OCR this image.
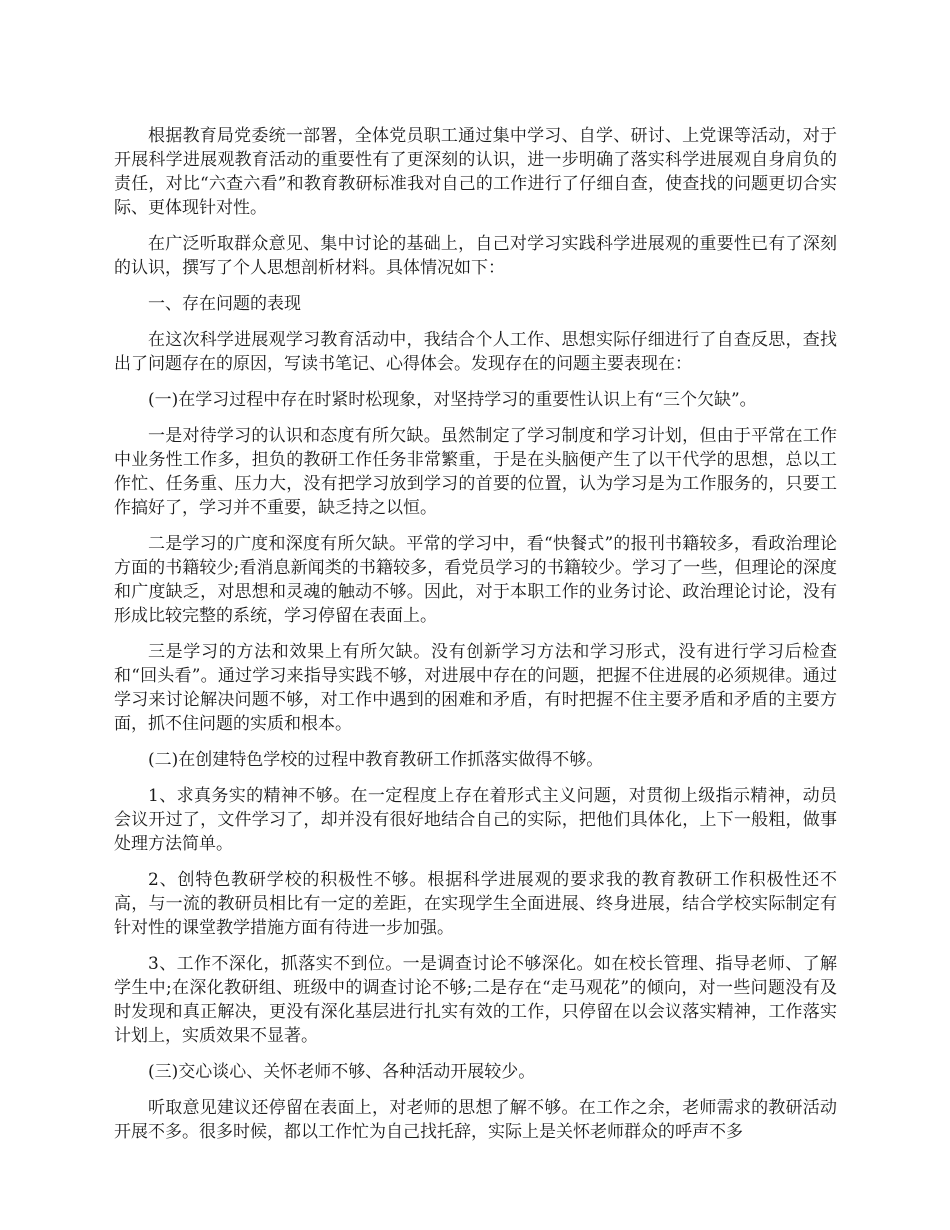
根据教育局党委统一部署，全体党员职工通过集中学习、自学、研讨、上党课等活动，对于开展科学进展观教育活动的重要性有了更深刻的认识，进一步明确了落实科学进展观自身肩负的责任，对比“六查六看”和教育教研标准我对自己的工作进行了仔细自查，使查找的问题更切合实际、更体现针对性。

在广泛听取群众意见、集中讨论的基础上，自己对学习实践科学进展观的重要性已有了深刻的认识，撰写了个人思想剖析材料。具体情况如下：

一、存在问题的表现

在这次科学进展观学习教育活动中，我结合个人工作、思想实际仔细进行了自查反思，查找出了问题存在的原因，写读书笔记、心得体会。发现存在的问题主要表现在：

(一)在学习过程中存在时紧时松现象，对坚持学习的重要性认识上有“三个欠缺”。

一是对待学习的认识和态度有所欠缺。虽然制定了学习制度和学习计划，但由于平常在工作中业务性工作多，担负的教研工作任务非常繁重，于是在头脑便产生了以干代学的思想，总以工作忙、任务重、压力大，没有把学习放到学习的首要的位置，认为学习是为工作服务的，只要工作搞好了，学习并不重要，缺乏持之以恒。

二是学习的广度和深度有所欠缺。平常的学习中，看“快餐式”的报刊书籍较多，看政治理论方面的书籍较少;看消息新闻类的书籍较多，看党员学习的书籍较少。学习了一些，但理论的深度和广度缺乏，对思想和灵魂的触动不够。因此，对于本职工作的业务讨论、政治理论讨论，没有形成比较完整的系统，学习停留在表面上。

三是学习的方法和效果上有所欠缺。没有创新学习方法和学习形式，没有进行学习后检查和“回头看”。通过学习来指导实践不够，对进展中存在的问题，把握不住进展的必须规律。通过学习来讨论解决问题不够，对工作中遇到的困难和矛盾，有时把握不住主要矛盾和矛盾的主要方面，抓不住问题的实质和根本。

(二)在创建特色学校的过程中教育教研工作抓落实做得不够。

1、求真务实的精神不够。在一定程度上存在着形式主义问题，对贯彻上级指示精神，动员会议开过了，文件学习了，却并没有很好地结合自己的实际，把他们具体化，上下一般粗，做事处理方法简单。

2、创特色教研学校的积极性不够。根据科学进展观的要求我的教育教研工作积极性还不高，与一流的教研员相比有一定的差距，在实现学生全面进展、终身进展，结合学校实际制定有针对性的课堂教学措施方面有待进一步加强。

3、工作不深化，抓落实不到位。一是调查讨论不够深化。如在校长管理、指导老师、了解学生中;在深化教研组、班级中的调查讨论不够;二是存在“走马观花”的倾向，对一些问题没有及时发现和真正解决，更没有深化基层进行扎实有效的工作，只停留在以会议落实精神，工作落实计划上，实质效果不显著。

(三)交心谈心、关怀老师不够、各种活动开展较少。

听取意见建议还停留在表面上，对老师的思想了解不够。在工作之余，老师需求的教研活动开展不多。很多时候，都以工作忙为自己找托辞，实际上是关怀老师群众的呼声不多
